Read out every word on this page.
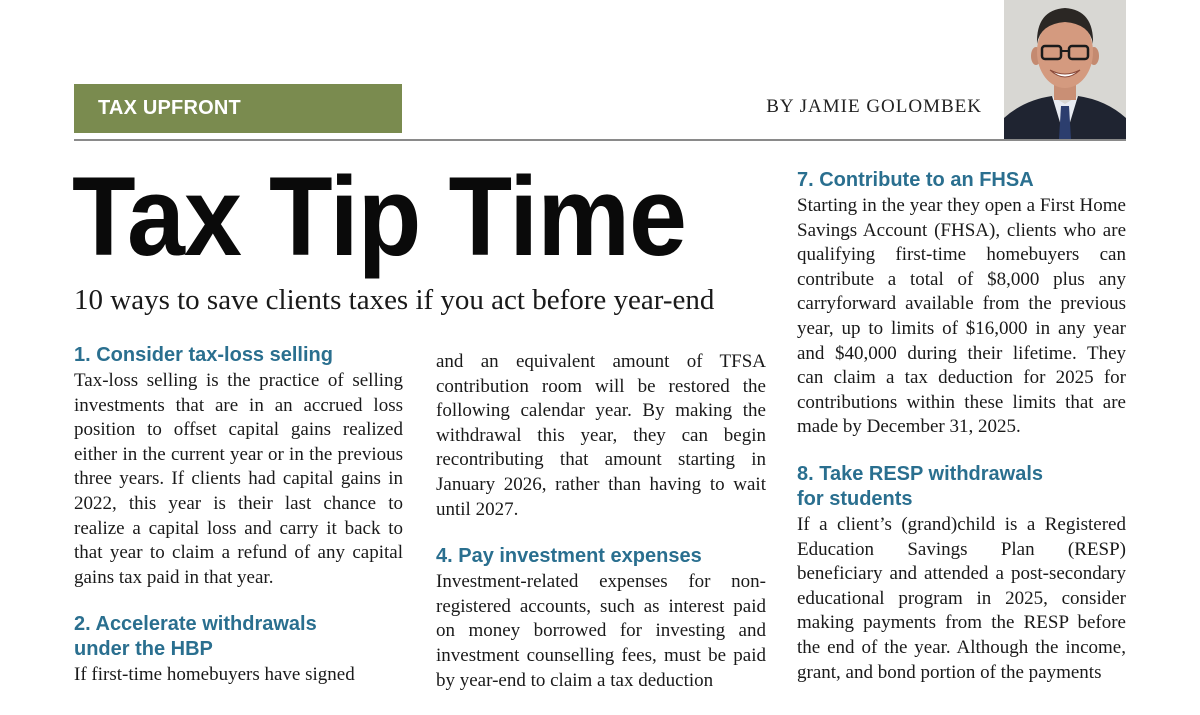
TAX UPFRONT	BY JAMIE GOLOMBEK
Tax Tip Time
10 ways to save clients taxes if you act before year-end
1. Consider tax-loss selling

Tax-loss selling is the practice of selling investments that are in an accrued loss position to offset capital gains realized either in the current year or in the previous three years. If clients had capital gains in 2022, this year is their last chance to realize a capital loss and carry it back to that year to claim a refund of any capital gains tax paid in that year.

2. Accelerate withdrawals under the HBP

If first-time homebuyers have signed

and an equivalent amount of TFSA contribution room will be restored the following calendar year. By making the withdrawal this year, they can begin recontributing that amount starting in January 2026, rather than having to wait until 2027.

4. Pay investment expenses

Investment-related expenses for non-registered accounts, such as interest paid on money borrowed for investing and investment counselling fees, must be paid by year-end to claim a tax deduction

7. Contribute to an FHSA

Starting in the year they open a First Home Savings Account (FHSA), clients who are qualifying first-time homebuyers can contribute a total of $8,000 plus any carryforward available from the previous year, up to limits of $16,000 in any year and $40,000 during their lifetime. They can claim a tax deduction for 2025 for contributions within these limits that are made by December 31, 2025.

8. Take RESP withdrawals for students

If a client’s (grand)child is a Registered Education Savings Plan (RESP) beneficiary and attended a post-secondary educational program in 2025, consider making payments from the RESP before the end of the year. Although the income, grant, and bond portion of the payments
